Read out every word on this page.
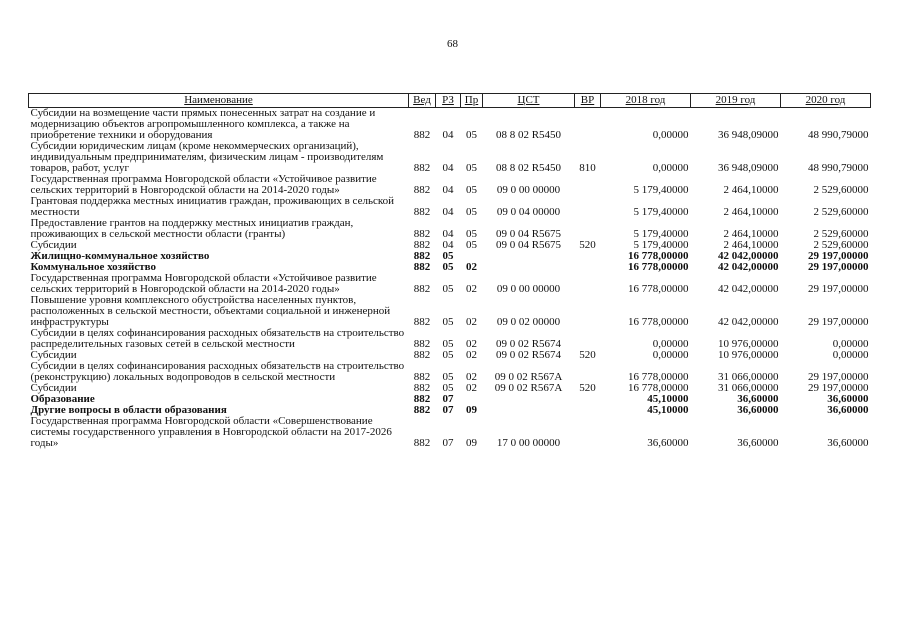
68
Наименование	Вед	РЗ	Пр	ЦСТ	ВР	2018 год	2019 год	2020 год
Субсидии на возмещение части прямых понесенных затрат на создание и модернизацию объектов агропромышленного комплекса, а также на приобретение техники и оборудования	882	04	05	08 8 02 R5450		0,00000	36 948,09000	48 990,79000
Субсидии юридическим лицам (кроме некоммерческих организаций), индивидуальным предпринимателям, физическим лицам - производителям товаров, работ, услуг	882	04	05	08 8 02 R5450	810	0,00000	36 948,09000	48 990,79000
Государственная программа Новгородской области «Устойчивое развитие сельских территорий в Новгородской области на 2014-2020 годы»	882	04	05	09 0 00 00000		5 179,40000	2 464,10000	2 529,60000
Грантовая поддержка местных инициатив граждан, проживающих в сельской местности	882	04	05	09 0 04 00000		5 179,40000	2 464,10000	2 529,60000
Предоставление грантов на поддержку местных инициатив граждан, проживающих в сельской местности области (гранты)	882	04	05	09 0 04 R5675		5 179,40000	2 464,10000	2 529,60000
Субсидии	882	04	05	09 0 04 R5675	520	5 179,40000	2 464,10000	2 529,60000
Жилищно-коммунальное хозяйство	882	05				16 778,00000	42 042,00000	29 197,00000
Коммунальное хозяйство	882	05	02			16 778,00000	42 042,00000	29 197,00000
Государственная программа Новгородской области «Устойчивое развитие сельских территорий в Новгородской области на 2014-2020 годы»	882	05	02	09 0 00 00000		16 778,00000	42 042,00000	29 197,00000
Повышение уровня комплексного обустройства населенных пунктов, расположенных в сельской местности, объектами социальной и инженерной инфраструктуры	882	05	02	09 0 02 00000		16 778,00000	42 042,00000	29 197,00000
Субсидии в целях софинансирования расходных обязательств на строительство распределительных газовых сетей в сельской местности	882	05	02	09 0 02 R5674		0,00000	10 976,00000	0,00000
Субсидии	882	05	02	09 0 02 R5674	520	0,00000	10 976,00000	0,00000
Субсидии в целях софинансирования расходных обязательств на строительство (реконструкцию) локальных водопроводов в сельской местности	882	05	02	09 0 02 R567A		16 778,00000	31 066,00000	29 197,00000
Субсидии	882	05	02	09 0 02 R567A	520	16 778,00000	31 066,00000	29 197,00000
Образование	882	07				45,10000	36,60000	36,60000
Другие вопросы в области образования	882	07	09			45,10000	36,60000	36,60000
Государственная программа Новгородской области «Совершенствование системы государственного управления в Новгородской области на 2017-2026 годы»	882	07	09	17 0 00 00000		36,60000	36,60000	36,60000
